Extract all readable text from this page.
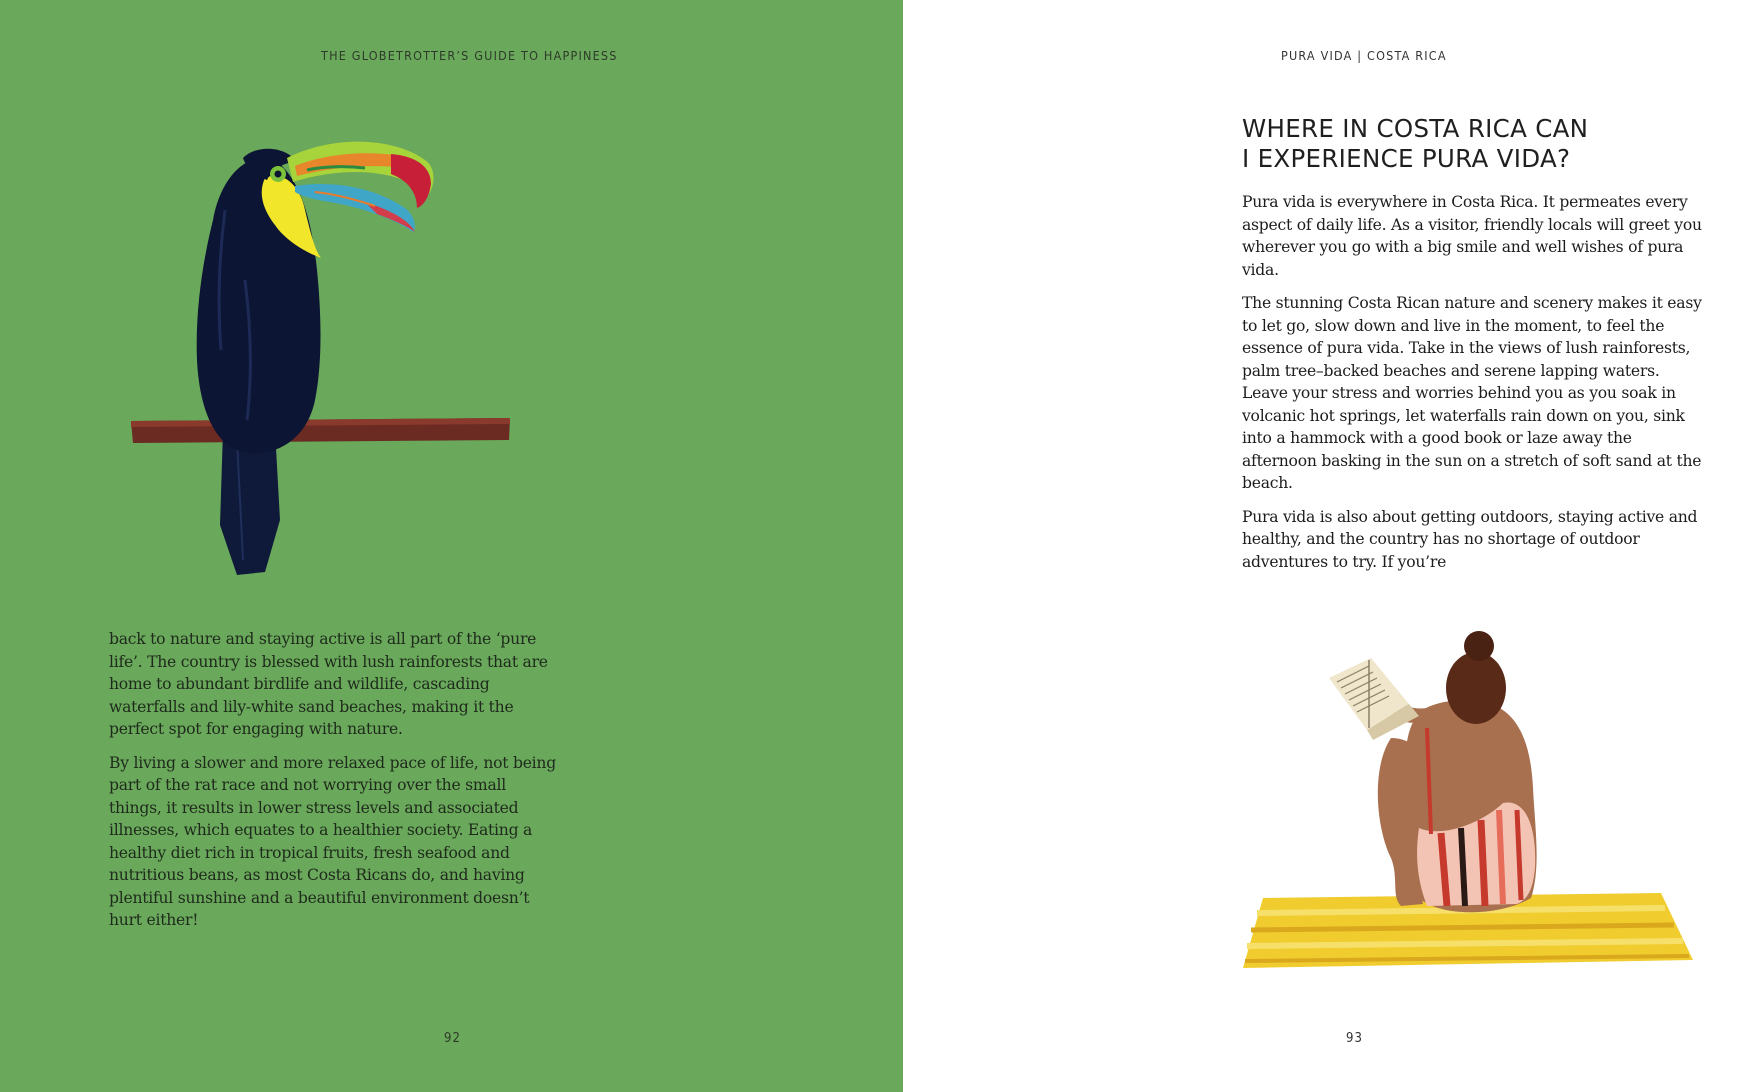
THE GLOBETROTTER’S GUIDE TO HAPPINESS

back to nature and staying active is all part of the ‘pure life’. The country is blessed with lush rainforests that are home to abundant birdlife and wildlife, cascading waterfalls and lily-white sand beaches, making it the perfect spot for engaging with nature.

By living a slower and more relaxed pace of life, not being part of the rat race and not worrying over the small things, it results in lower stress levels and associated illnesses, which equates to a healthier society. Eating a healthy diet rich in tropical fruits, fresh seafood and nutritious beans, as most Costa Ricans do, and having plentiful sunshine and a beautiful environment doesn’t hurt either!

92
PURA VIDA | COSTA RICA
WHERE IN COSTA RICA CAN
I EXPERIENCE PURA VIDA?

Pura vida is everywhere in Costa Rica. It permeates every aspect of daily life. As a visitor, friendly locals will greet you wherever you go with a big smile and well wishes of pura vida.

The stunning Costa Rican nature and scenery makes it easy to let go, slow down and live in the moment, to feel the essence of pura vida. Take in the views of lush rainforests, palm tree–backed beaches and serene lapping waters. Leave your stress and worries behind you as you soak in volcanic hot springs, let waterfalls rain down on you, sink into a hammock with a good book or laze away the afternoon basking in the sun on a stretch of soft sand at the beach.

Pura vida is also about getting outdoors, staying active and healthy, and the country has no shortage of outdoor adventures to try. If you’re

93
